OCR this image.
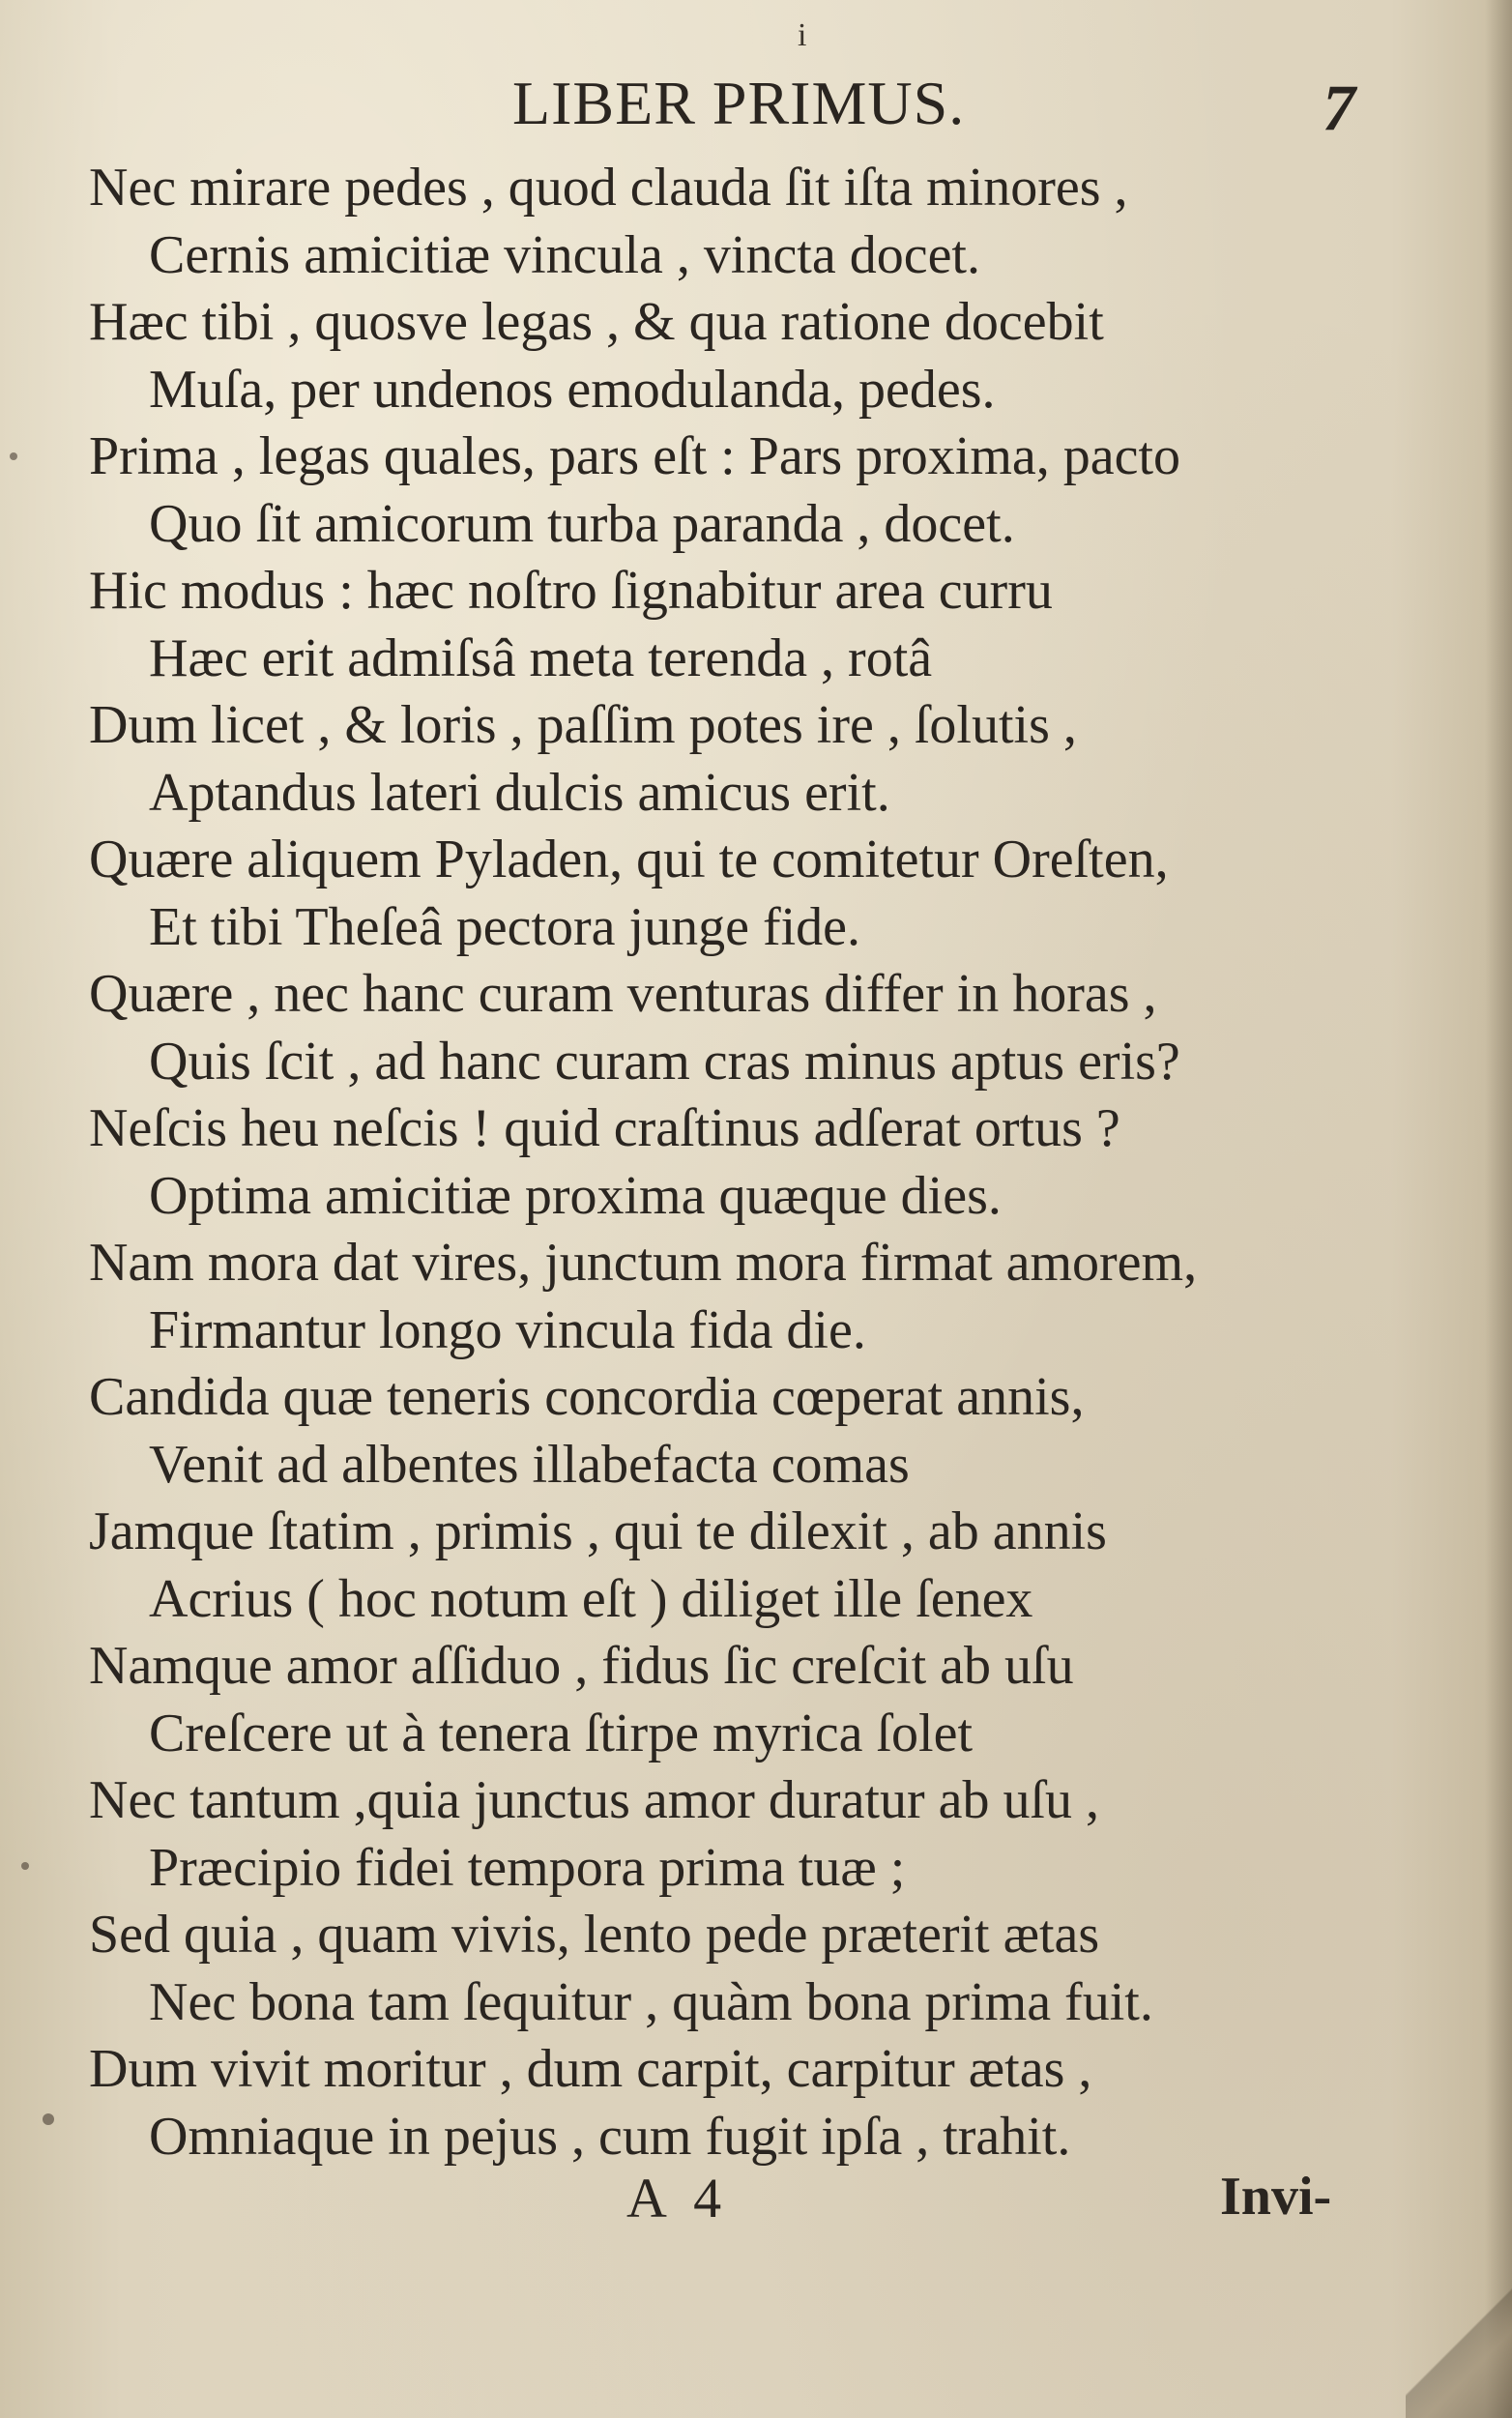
i
LIBER PRIMUS.	7
Nec mirare pedes , quod clauda ſit iſta minores ,
Cernis amicitiæ vincula , vincta docet.
Hæc tibi , quosve legas , & qua ratione docebit
Muſa, per undenos emodulanda, pedes.
Prima , legas quales, pars eſt : Pars proxima, pacto
Quo ſit amicorum turba paranda , docet.
Hic modus : hæc noſtro ſignabitur area curru
Hæc erit admiſsâ meta terenda , rotâ
Dum licet , & loris , paſſim potes ire , ſolutis ,
Aptandus lateri dulcis amicus erit.
Quære aliquem Pyladen, qui te comitetur Oreſten,
Et tibi Theſeâ pectora junge fide.
Quære , nec hanc curam venturas differ in horas ,
Quis ſcit , ad hanc curam cras minus aptus eris?
Neſcis heu neſcis ! quid craſtinus adſerat ortus ?
Optima amicitiæ proxima quæque dies.
Nam mora dat vires, junctum mora firmat amorem,
Firmantur longo vincula fida die.
Candida quæ teneris concordia cœperat annis,
Venit ad albentes illabefacta comas
Jamque ſtatim , primis , qui te dilexit , ab annis
Acrius ( hoc notum eſt ) diliget ille ſenex
Namque amor aſſiduo , fidus ſic creſcit ab uſu
Creſcere ut à tenera ſtirpe myrica ſolet
Nec tantum ,quia junctus amor duratur ab uſu ,
Præcipio fidei tempora prima tuæ ;
Sed quia , quam vivis, lento pede præterit ætas
Nec bona tam ſequitur , quàm bona prima fuit.
Dum vivit moritur , dum carpit, carpitur ætas ,
Omniaque in pejus , cum fugit ipſa , trahit.
A 4	Invi-
